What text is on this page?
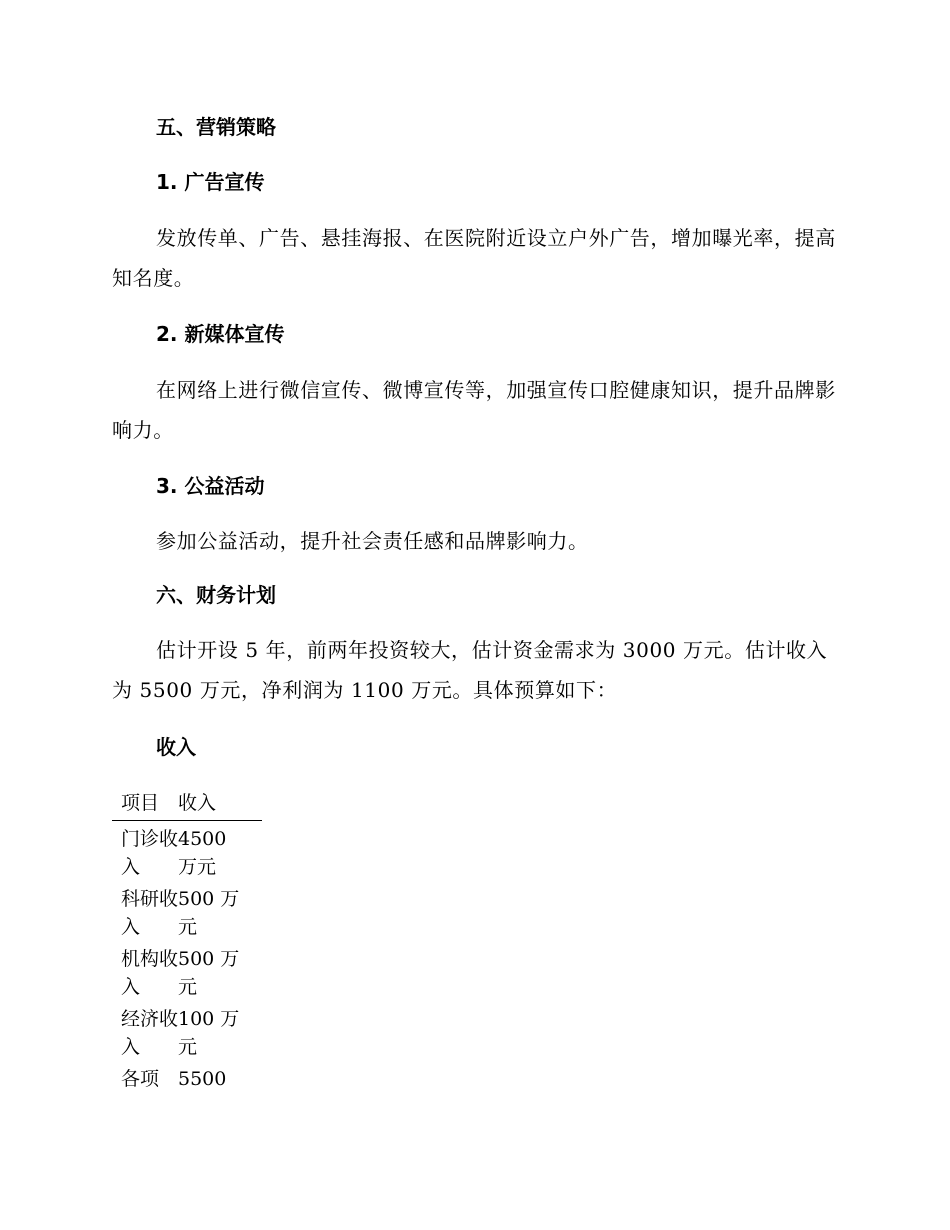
五、营销策略
1. 广告宣传
发放传单、广告、悬挂海报、在医院附近设立户外广告，增加曝光率，提高知名度。
2. 新媒体宣传
在网络上进行微信宣传、微博宣传等，加强宣传口腔健康知识，提升品牌影响力。
3. 公益活动
参加公益活动，提升社会责任感和品牌影响力。
六、财务计划
估计开设 5 年，前两年投资较大，估计资金需求为 3000 万元。估计收入为 5500 万元，净利润为 1100 万元。具体预算如下：
收入
项目 收入
门诊收入
4500 万元
科研收入
500 万元
机构收入
500 万元
经济收入
100 万元
各项 5500
